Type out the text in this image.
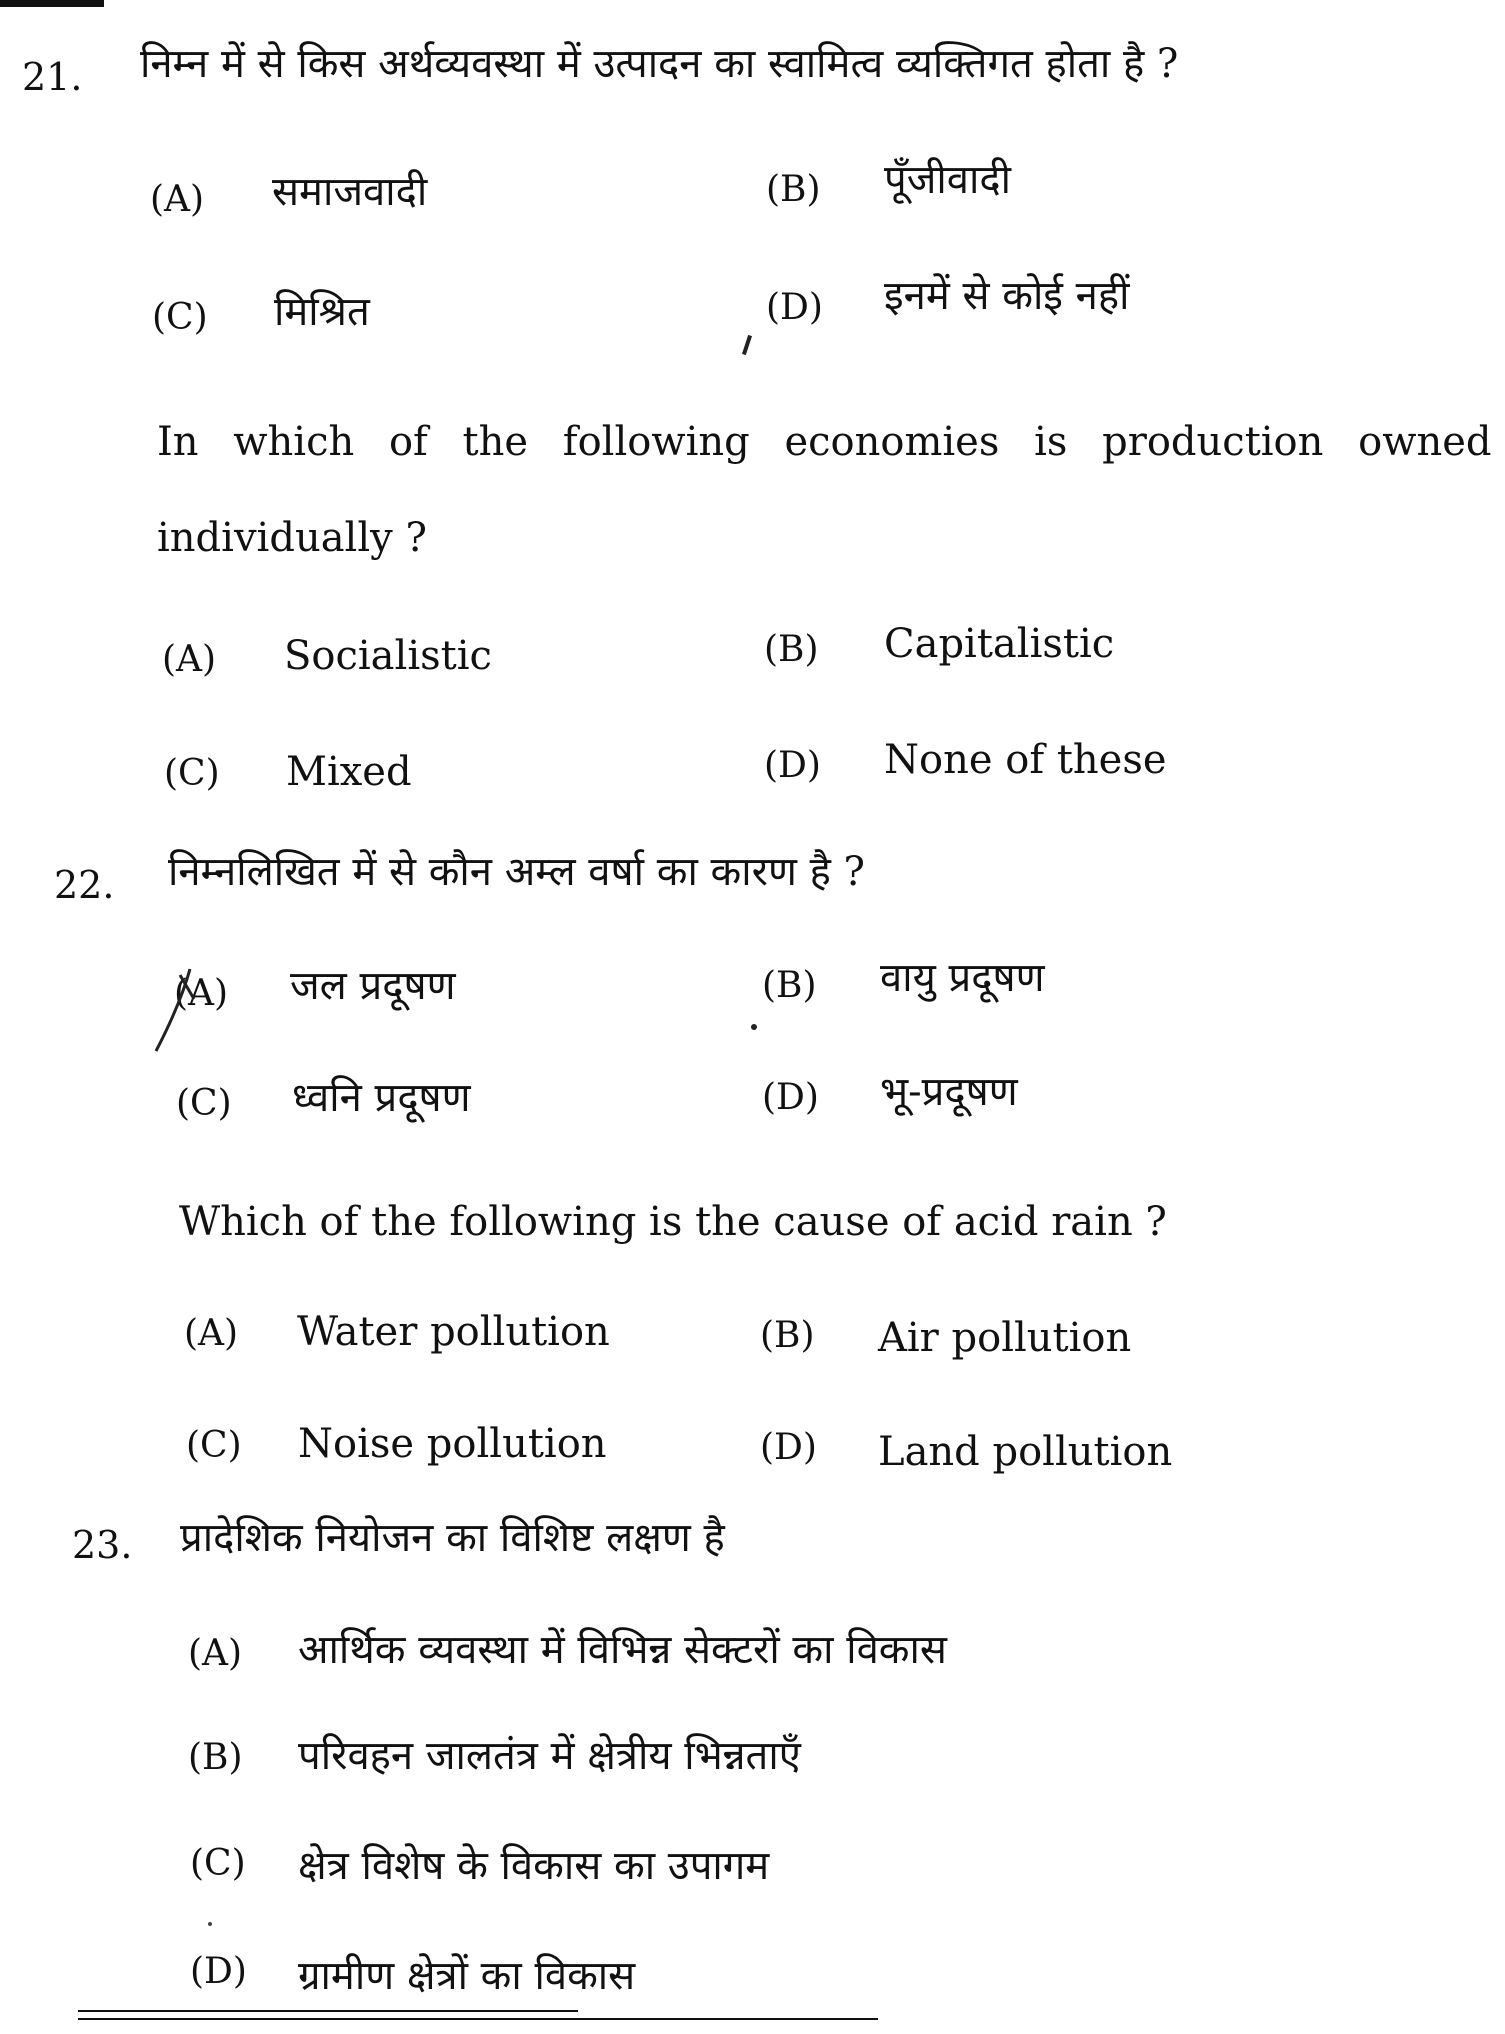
21. निम्न में से किस अर्थव्यवस्था में उत्पादन का स्वामित्व व्यक्तिगत होता है ?
(A) समाजवादी	(B) पूँजीवादी
(C) मिश्रित	(D) इनमें से कोई नहीं
In which of the following economies is production owned
individually ?
(A) Socialistic	(B) Capitalistic
(C) Mixed	(D) None of these
22. निम्नलिखित में से कौन अम्ल वर्षा का कारण है ?
(A) जल प्रदूषण	(B) वायु प्रदूषण
(C) ध्वनि प्रदूषण	(D) भू-प्रदूषण
Which of the following is the cause of acid rain ?
(A) Water pollution	(B) Air pollution
(C) Noise pollution	(D) Land pollution
23. प्रादेशिक नियोजन का विशिष्ट लक्षण है
(A) आर्थिक व्यवस्था में विभिन्न सेक्टरों का विकास
(B) परिवहन जालतंत्र में क्षेत्रीय भिन्नताएँ
(C) क्षेत्र विशेष के विकास का उपागम
(D) ग्रामीण क्षेत्रों का विकास
